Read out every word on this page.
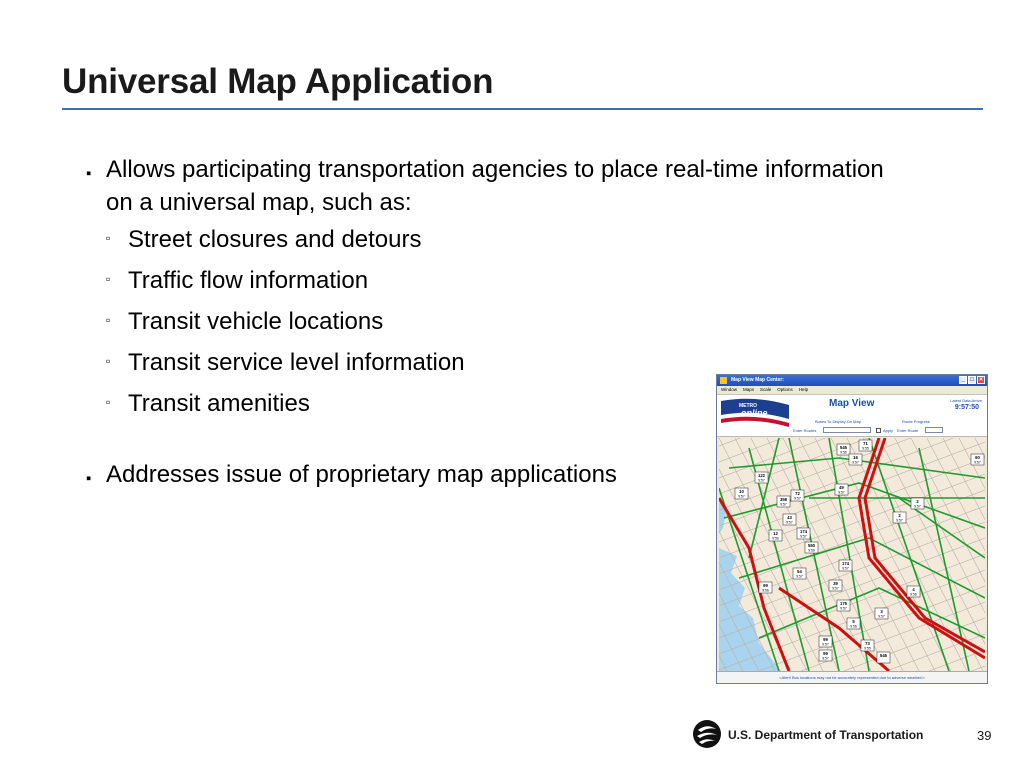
Universal Map Application
▪ Allows participating transportation agencies to place real-time information on a universal map, such as:
▫ Street closures and detours
▫ Traffic flow information
▫ Transit vehicle locations
▫ Transit service level information
▫ Transit amenities
▪ Addresses issue of proprietary map applications
Map View Map Center:	_ □ ×
Window Maps Scale Options Help
METRO
online
Map View	Latest Data Arrive
9:57:50
Buses To Display On Map	Route Progress
Enter Routes	Apply Enter Route
545
9:56
71
9:55
16
9:57
60
9:57
122
9:57
49
9:57
10
9:57
72
9:57
358
9:57
2
9:57
43
9:57
174
9:57
2
9:57
12
9:56
550
9:56
174
9:57
54
9:57
99
9:56
39
9:57	4
9:56
175
9:57
3
9:57
5
9:56
99
9:57	73
9:55
99
9:57
545
<Alert! Bus locations may not be accurately represented due to adverse weather!>
U.S. Department of Transportation	39
